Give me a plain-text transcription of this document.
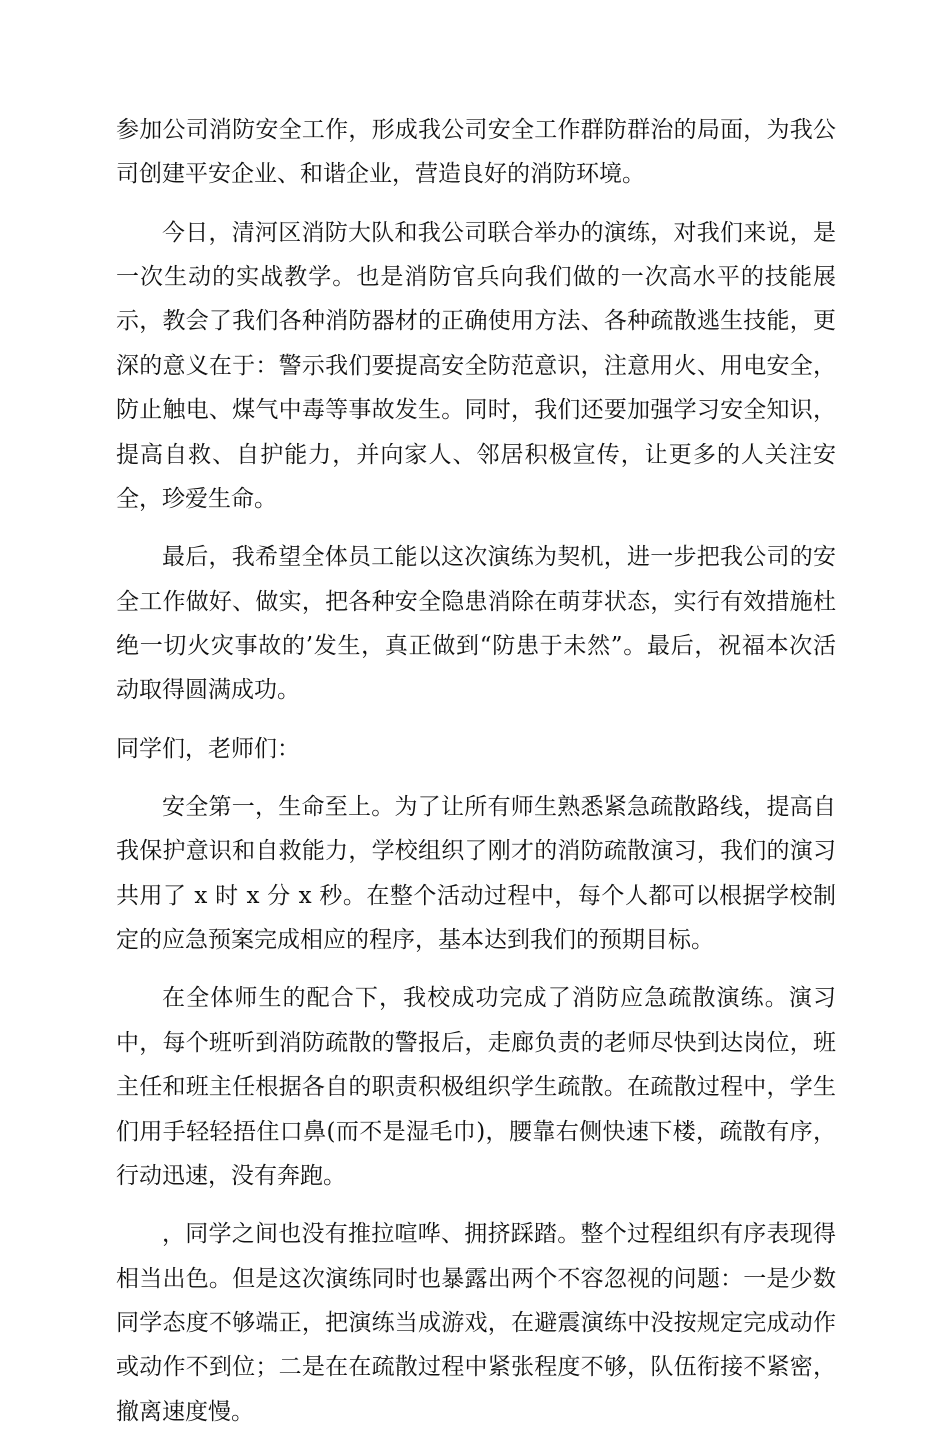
参加公司消防安全工作，形成我公司安全工作群防群治的局面，为我公司创建平安企业、和谐企业，营造良好的消防环境。

今日，清河区消防大队和我公司联合举办的演练，对我们来说，是一次生动的实战教学。也是消防官兵向我们做的一次高水平的技能展示，教会了我们各种消防器材的正确使用方法、各种疏散逃生技能，更深的意义在于：警示我们要提高安全防范意识，注意用火、用电安全，防止触电、煤气中毒等事故发生。同时，我们还要加强学习安全知识，提高自救、自护能力，并向家人、邻居积极宣传，让更多的人关注安全，珍爱生命。

最后，我希望全体员工能以这次演练为契机，进一步把我公司的安全工作做好、做实，把各种安全隐患消除在萌芽状态，实行有效措施杜绝一切火灾事故的’发生，真正做到“防患于未然”。最后，祝福本次活动取得圆满成功。

同学们，老师们：

安全第一，生命至上。为了让所有师生熟悉紧急疏散路线，提高自我保护意识和自救能力，学校组织了刚才的消防疏散演习，我们的演习共用了 x 时 x 分 x 秒。在整个活动过程中，每个人都可以根据学校制定的应急预案完成相应的程序，基本达到我们的预期目标。

在全体师生的配合下，我校成功完成了消防应急疏散演练。演习中，每个班听到消防疏散的警报后，走廊负责的老师尽快到达岗位，班主任和班主任根据各自的职责积极组织学生疏散。在疏散过程中，学生们用手轻轻捂住口鼻(而不是湿毛巾)，腰靠右侧快速下楼，疏散有序，行动迅速，没有奔跑。

，同学之间也没有推拉喧哗、拥挤踩踏。整个过程组织有序表现得相当出色。但是这次演练同时也暴露出两个不容忽视的问题：一是少数同学态度不够端正，把演练当成游戏，在避震演练中没按规定完成动作或动作不到位；二是在在疏散过程中紧张程度不够，队伍衔接不紧密，撤离速度慢。
